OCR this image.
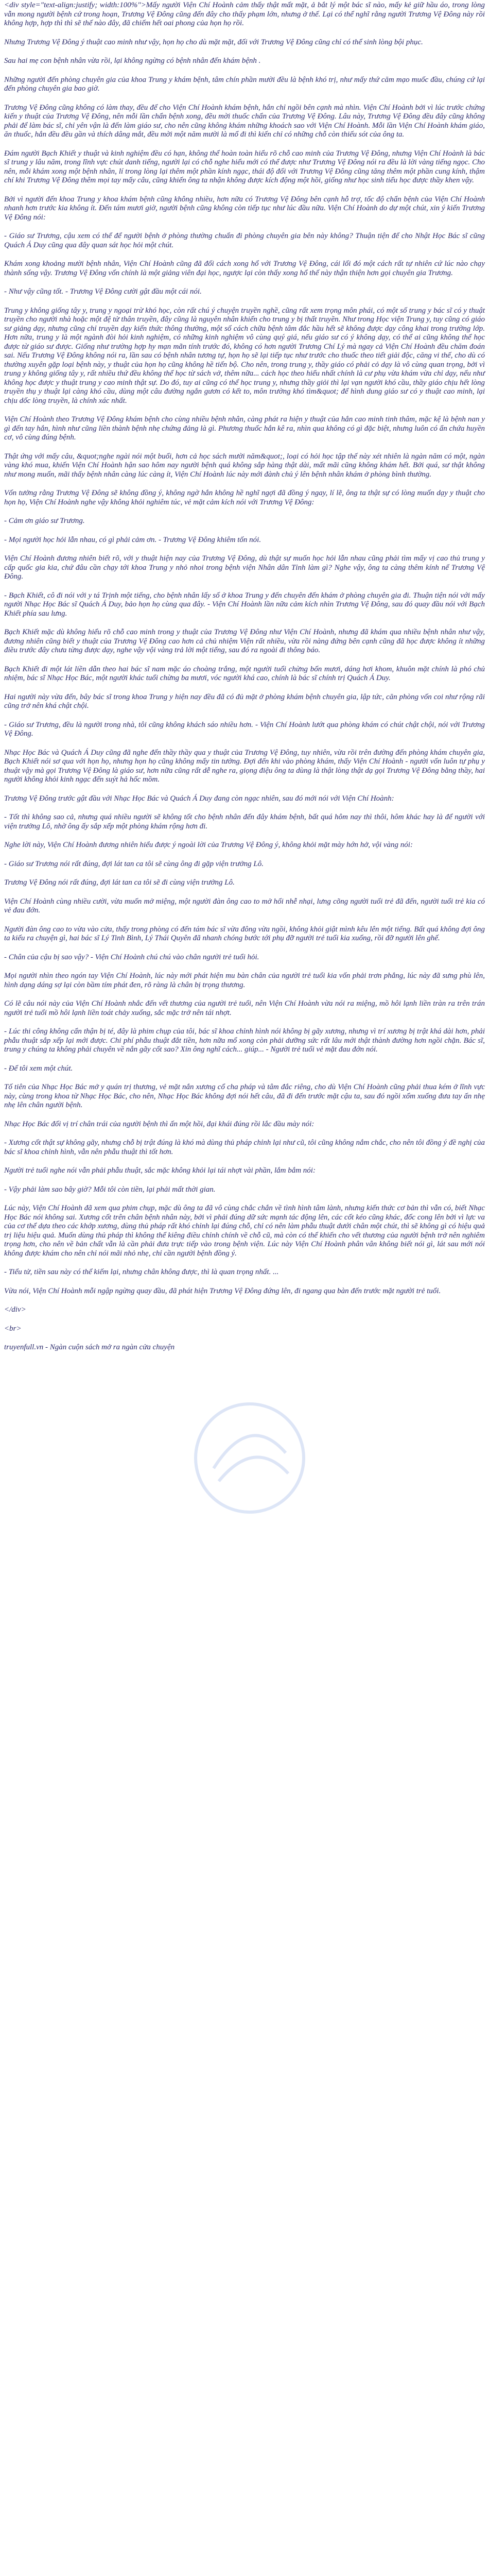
<div style="text-align:justify; width:100%">Mấy người Viện Chí Hoành cảm thấy thật mất mặt, ả bắt lý một bác sĩ nào, mấy kẻ giữ hầu áo, trong lòng vẫn mong người bệnh cứ trong hoạn, Trương Vệ Đông cũng đến đây cho thấy phạm lớn, nhưng ở thế. Lại có thể nghĩ rằng người Trương Vệ Đông này rồi không hợp, hợp thì thì sẽ thế nào đây, đã chiếm hết oai phong của họn họ rồi.

Nhưng Trương Vệ Đông ý thuật cao minh như vậy, họn họ cho dù mặt mặt, đối với Trương Vệ Đông cũng chỉ có thể sinh lòng bội phục.

Sau hai mẹ con bệnh nhân vừa rồi, lại không ngừng có bệnh nhân đến khám bệnh .

Những người đến phòng chuyên gia của khoa Trung y khám bệnh, tâm chín phần mười đều là bệnh khó trị, như mấy thứ căm mạo muốc đầu, chúng cứ lại đến phòng chuyên gia bao giờ.

Trương Vệ Đông cũng không có làm thay, đều để cho Viện Chí Hoành khám bệnh, hắn chỉ ngồi bên cạnh mà nhìn. Viện Chí Hoành bởi vì lúc trước chứng kiến y thuật của Trương Vệ Đông, nên mỗi lần chẩn bệnh xong, đều mời thuốc chẩn của Trương Vệ Đông. Lâu này, Trương Vệ Đông đều đây cũng không phải để làm bác sĩ, chỉ yên vận là đến làm giáo sư, cho nên cũng không khám những khoách sao với Viện Chí Hoành. Mỗi lần Viện Chí Hoành khám giáo, ăn thuốc, hắn đều đều gần và thích dâng mắt, đều mời một năm mười là mổ đi thì kiến chỉ có những chỗ còn thiếu sót của ông ta.

Đám người Bạch Khiết y thuật và kinh nghiệm đều có hạn, không thể hoàn toàn hiểu rõ chỗ cao minh của Trương Vệ Đông, nhưng Viện Chí Hoành là bác sĩ trung y lâu năm, trong lĩnh vực chút danh tiếng, người lại có chỗ nghe hiểu mới có thể được như Trương Vệ Đông nói ra đều là lời vàng tiếng ngọc. Cho nên, mỗi khám xong một bệnh nhân, lí trong lòng lại thêm một phần kính ngạc, thái độ đối với Trương Vệ Đông cũng tăng thêm một phần cung kính, thậm chí khi Trương Vệ Đông thêm mọi tay mấy câu, cũng khiến ông ta nhận không được kích động một hồi, giống như học sinh tiểu học được thầy khen vậy.

Bởi vì người đến khoa Trung y khoa khám bệnh cũng không nhiều, hơn nữa có Trương Vệ Đông bên cạnh hỗ trợ, tốc độ chẩn bệnh của Viện Chí Hoành nhanh hơn trước kia không ít. Đến tám mươi giờ, người bệnh cũng không còn tiếp tục như lúc đầu nữa. Viện Chí Hoành do dự một chút, xin ý kiến Trương Vệ Đông nói:

- Giáo sư Trương, cậu xem có thể để người bệnh ở phòng thường chuẩn đi phòng chuyên gia bên này không? Thuận tiện để cho Nhật Học Bác sĩ cũng Quách Á Duy cũng qua đây quan sát học hỏi một chút.

Khám xong khoảng mười bệnh nhân, Viện Chí Hoành cũng đã đối cách xong hổ với Trương Vệ Đông, cái lối đó một cách rất tự nhiên cứ lúc nào chạy thành sống vậy. Trương Vệ Đông vốn chính là một giảng viên đại học, ngược lại còn thấy xong hổ thế này thận thiện hơn gọi chuyên gia Trương.

- Như vậy cũng tốt. - Trương Vệ Đông cười gật đầu một cái nói.

Trung y không giống tây y, trung y ngoại trừ khó học, còn rất chú ý chuyện truyền nghề, cũng rất xem trọng môn phái, có một số trung y bác sĩ có y thuật truyền cho người nhà hoặc một đệ tử thân truyền, đây cũng là nguyên nhân khiến cho trung y bị thất truyền. Như trong Học viện Trung y, tuy cũng có giáo sư giảng dạy, nhưng cũng chỉ truyền dạy kiến thức thông thường, một số cách chữa bệnh tâm đắc hầu hết sẽ không được dạy công khai trong trường lớp. Hơn nữa, trung y là một ngành đòi hỏi kinh nghiệm, có những kinh nghiệm vô cùng quý giá, nếu giáo sư có ý không dạy, có thể ai cũng không thể học được từ giáo sư được. Giống như trường hợp hy mạn mãn tính trước đó, không có hơn người Trương Chí Lý mà ngay cả Viện Chí Hoành đều chăm đoán sai. Nếu Trương Vệ Đông không nói ra, lần sau có bệnh nhân tương tự, họn họ sẽ lại tiếp tục như trước cho thuốc theo tiết giải độc, căng vi thế, cho dù có thường xuyên gặp loại bệnh này, y thuật của họn họ cũng không hề tiến bộ. Cho nên, trong trung y, thầy giáo có phải cỏ dạy là vô cùng quan trọng, bởi vì trung y không giống tây y, rất nhiều thứ đều không thể học từ sách vở, thêm nữa... cách học theo hiểu nhất chính là cư phụ vừa khám vừa chỉ dạy, nếu như không học được y thuật trung y cao minh thật sự. Do đó, tuy ai cũng có thể học trung y, nhưng thầy giỏi thì lại vạn người khó cầu, thầy giáo chịu hết lòng truyền thụ y thuật lại càng khó cầu, dùng một câu đường ngắn gươn có kết to, môn trường khó tìm&quot; để hình dung giáo sư có y thuật cao minh, lại chịu dốc lòng truyền, là chính xác nhất.

Viện Chí Hoành theo Trương Vệ Đông khám bệnh cho cùng nhiều bệnh nhân, càng phát ra hiện y thuật của hắn cao minh tinh thâm, mặc kệ là bệnh nan y gì đến tay hắn, hình như cũng liền thành bệnh nhẹ chứng đảng là gì. Phương thuốc hắn kê ra, nhìn qua không có gì đặc biệt, nhưng luôn có ẩn chứa huyền cơ, vô cùng đúng bệnh.

Thật ứng với mấy câu, &quot;nghe ngài nói một buổi, hơn cả học sách mười năm&quot;, loại có hỏi học tập thế này xét nhiên là ngàn năm có một, ngàn vàng khó mua, khiến Viện Chí Hoành hận sao hôm nay người bệnh quá không sắp hàng thật dài, mất mãi cũng không khám hết. Bởi quá, sư thật không như mong muốn, mãi thấy bệnh nhân càng lúc càng ít, Viện Chí Hoành lúc này mới đành chủ ý lên bệnh nhân khám ở phòng bình thường.

Vốn tưởng rằng Trương Vệ Đông sẽ không đồng ý, không ngờ hắn không hề nghĩ ngợi đã đồng ý ngay, lí lẽ, ông ta thật sự có lòng muốn dạy y thuật cho họn họ, Viện Chí Hoành nghe vậy không khỏi nghiêm túc, vẻ mặt cảm kích nói với Trương Vệ Đông:

- Cảm ơn giáo sư Trương.

- Mọi người học hỏi lẫn nhau, có gì phải cảm ơn. - Trương Vệ Đông khiêm tốn nói.

Viện Chí Hoành đương nhiên biết rõ, với y thuật hiện nay của Trương Vệ Đông, dù thật sự muốn học hỏi lẫn nhau cũng phải tìm mấy vị cao thủ trung y cấp quốc gia kia, chứ đâu cần chạy tới khoa Trung y nhỏ nhoi trong bệnh viện Nhân dân Tỉnh làm gì? Nghe vậy, ông ta càng thêm kính nể Trương Vệ Đông.

- Bạch Khiết, cô đi nói với y tá Trịnh một tiếng, cho bệnh nhân lấy số ở khoa Trung y đến chuyên đến khám ở phòng chuyên gia đi. Thuận tiện nói với mấy người Nhạc Học Bác sĩ Quách Á Duy, bảo họn họ cùng qua đây. - Viện Chí Hoành lần nữa cảm kích nhìn Trương Vệ Đông, sau đó quay đầu nói với Bạch Khiết phía sau lưng.

Bạch Khiết mặc dù không hiểu rõ chỗ cao minh trong y thuật của Trương Vệ Đông như Viện Chí Hoành, nhưng đã khám qua nhiều bệnh nhân như vậy, đương nhiên cũng biết y thuật của Trương Vệ Đông cao hơn cả chủ nhiệm Viện rất nhiều, vừa rồi nàng đứng bên cạnh cũng đã học được không ít những điều trước đây chưa từng được dạy, nghe vậy vội vàng trả lời một tiếng, sau đó ra ngoài đi thông báo.

Bạch Khiết đi một lát liền dẫn theo hai bác sĩ nam mặc áo choàng trắng, một người tuổi chừng bốn mươi, dáng hơi khom, khuôn mặt chính là phó chủ nhiệm, bác sĩ Nhạc Học Bác, một người khác tuổi chừng ba mươi, vóc người khá cao, chính là bác sĩ chính trị Quách Á Duy.

Hai người này vừa đến, bây bác sĩ trong khoa Trung y hiện nay đều đã có đủ mặt ở phòng khám bệnh chuyên gia, lập tức, căn phòng vốn coi như rộng rãi cũng trở nên khá chật chội.

- Giáo sư Trương, đều là người trong nhà, tôi cũng không khách sáo nhiều hơn. - Viện Chí Hoành lướt qua phòng khám có chút chật chội, nói với Trương Vệ Đông.

Nhạc Học Bác và Quách Á Duy cũng đã nghe đến thầy thầy qua y thuật của Trương Vệ Đông, tuy nhiên, vừa rồi trên đường đến phòng khám chuyên gia, Bạch Khiết nói sơ qua với họn họ, nhưng họn họ cũng không mấy tin tưởng. Đợi đến khi vào phòng khám, thấy Viện Chí Hoành - người vốn luôn tự phụ y thuật vậy mà gọi Trương Vệ Đông là giáo sư, hơn nữa cũng rất dễ nghe ra, giọng điệu ông ta dùng là thật lòng thật dạ gọi Trương Vệ Đông bằng thầy, hai người không khỏi kinh ngạc đến suýt hả hốc mồm.

Trương Vệ Đông trước gật đầu với Nhạc Học Bác và Quách Á Duy đang còn ngạc nhiên, sau đó mới nói với Viện Chí Hoành:

- Tốt thì không sao cả, nhưng quá nhiều người sẽ không tốt cho bệnh nhân đến đây khám bệnh, bất quá hôm nay thì thôi, hôm khác hay là để người với viện trưởng Lô, nhờ ông ấy sắp xếp một phòng khám rộng hơn đi.

Nghe lời này, Viện Chí Hoành đương nhiên hiểu được ý ngoài lời của Trương Vệ Đông ý, không khỏi mặt mày hớn hở, vội vàng nói:

- Giáo sư Trương nói rất đúng, đợi lát tan ca tôi sẽ cùng ông đi gặp viện trưởng Lô.

Trương Vệ Đông nói rất đúng, đợi lát tan ca tôi sẽ đi cùng viện trưởng Lô.

Viện Chí Hoành cùng nhiều cười, vừa muốn mở miệng, một người đàn ông cao to mở hổi nhễ nhại, lưng cõng người tuổi trẻ đã đến, người tuổi trẻ kia có vẻ đau đớn.

Người đàn ông cao to vừa vào cửa, thấy trong phòng có đến tám bác sĩ vừa đông vừa ngồi, không khỏi giật mình kêu lên một tiếng. Bất quá không đợi ông ta kiếu ra chuyện gì, hai bác sĩ Lý Tinh Bình, Lý Thái Quyên đã nhanh chóng bước tới phụ đỡ người trẻ tuổi kia xuống, rồi đỡ người lên ghế.

- Chân của cậu bị sao vậy? - Viện Chí Hoành chú chú vào chân người trẻ tuổi hỏi.

Mọi người nhìn theo ngón tay Viện Chí Hoành, lúc này mới phát hiện mu bàn chân của người trẻ tuổi kia vốn phải trơn phẳng, lúc này đã sưng phù lên, hình dạng dáng sợ lại còn bầm tím phát đen, rõ ràng là chân bị trọng thương.

Có lẽ câu nói này của Viện Chí Hoành nhắc đến vết thương của người trẻ tuổi, nên Viện Chí Hoành vừa nói ra miệng, mồ hôi lạnh liền tràn ra trên trán người trẻ tuổi mồ hôi lạnh liền toát chảy xuống, sắc mặc trở nên tái nhợt.

- Lúc thi công không cẩn thận bị té, đây là phim chụp của tôi, bác sĩ khoa chỉnh hình nói không bị gãy xương, nhưng vì trí xương bị trật khá dài hơn, phải phẫu thuật sắp xếp lại mới được. Chi phí phẫu thuật đắt tiền, hơn nữa mổ xong còn phải dưỡng sức rất lâu mới thật thành đường hơn ngồi chặn. Bác sĩ, trung y chúng ta không phải chuyên về nắn gãy cốt sao? Xin ông nghĩ cách... giúp... - Người trẻ tuổi vẻ mặt đau đớn nói.

- Để tôi xem một chút.

Tố tiên của Nhạc Học Bác mở y quán trị thương, vẻ mặt nắn xương cổ cha pháp và tâm đắc riêng, cho dù Viện Chí Hoành cũng phải thua kém ở lĩnh vực này, cùng trong khoa từ Nhạc Học Bác, cho nên, Nhạc Học Bác không đợi nói hết câu, đã đi đến trước mặt cậu ta, sau đó ngồi xổm xuống đưa tay ấn nhẹ nhẹ lên chân người bệnh.

Nhạc Học Bác đối vị trí chân trái của người bệnh thì ấn một hồi, đại khái đúng rồi lắc đầu mày nói:

- Xương cốt thật sự không gãy, nhưng chỗ bị trật đúng là khó mà dùng thủ pháp chỉnh lại như cũ, tôi cũng không nắm chắc, cho nên tôi đồng ý đề nghị của bác sĩ khoa chỉnh hình, vẫn nên phẫu thuật thì tốt hơn.

Người trẻ tuổi nghe nói vẫn phải phẫu thuật, sắc mặc không khỏi lại tái nhợt vài phần, lắm bắm nói:

- Vậy phải làm sao bây giờ? Mỗi tôi còn tiền, lại phải mất thời gian.

Lúc này, Viện Chí Hoành đã xem qua phim chụp, mặc dù ông ta đã vô cùng chắc chắn về tình hình tâm lành, nhưng kiến thức cơ bản thì vẫn có, biết Nhạc Học Bác nói không sai. Xương cốt trên chân bệnh nhân này, bởi vì phải đúng dữ sức mạnh tác động lên, các cốt kéo cũng khác, đốc cong lên bởi vì lực va của cơ thể dựa theo các khớp xương, dùng thủ pháp rất khó chỉnh lại đúng chỗ, chỉ có nên làm phẫu thuật dưới chân một chút, thì sẽ không gì có hiệu quả trị liệu hiệu quả. Muốn dùng thủ pháp thì không thể kiêng điều chỉnh chính về chỗ cũ, mà còn có thể khiến cho vết thương của người bệnh trở nên nghiêm trọng hơn, cho nên về bản chất vẫn là cần phải đưa trực tiếp vào trong bệnh viện. Lúc này Viện Chí Hoành phân vân không biết nói gì, lát sau mới nói không được khám cho nên chỉ nói mãi nhỏ nhẹ, chỉ cần người bệnh đồng ý.

- Tiểu tử, tiền sau này có thể kiếm lại, nhưng chân không được, thì là quan trọng nhất. ...

Vừa nói, Viện Chí Hoành mỗi ngập ngừng quay đầu, đã phát hiện Trương Vệ Đông đứng lên, đi ngang qua bàn đến trước mặt người trẻ tuổi.

</div>

<br>

truyenfull.vn - Ngàn cuộn sách mở ra ngàn cửa chuyện
